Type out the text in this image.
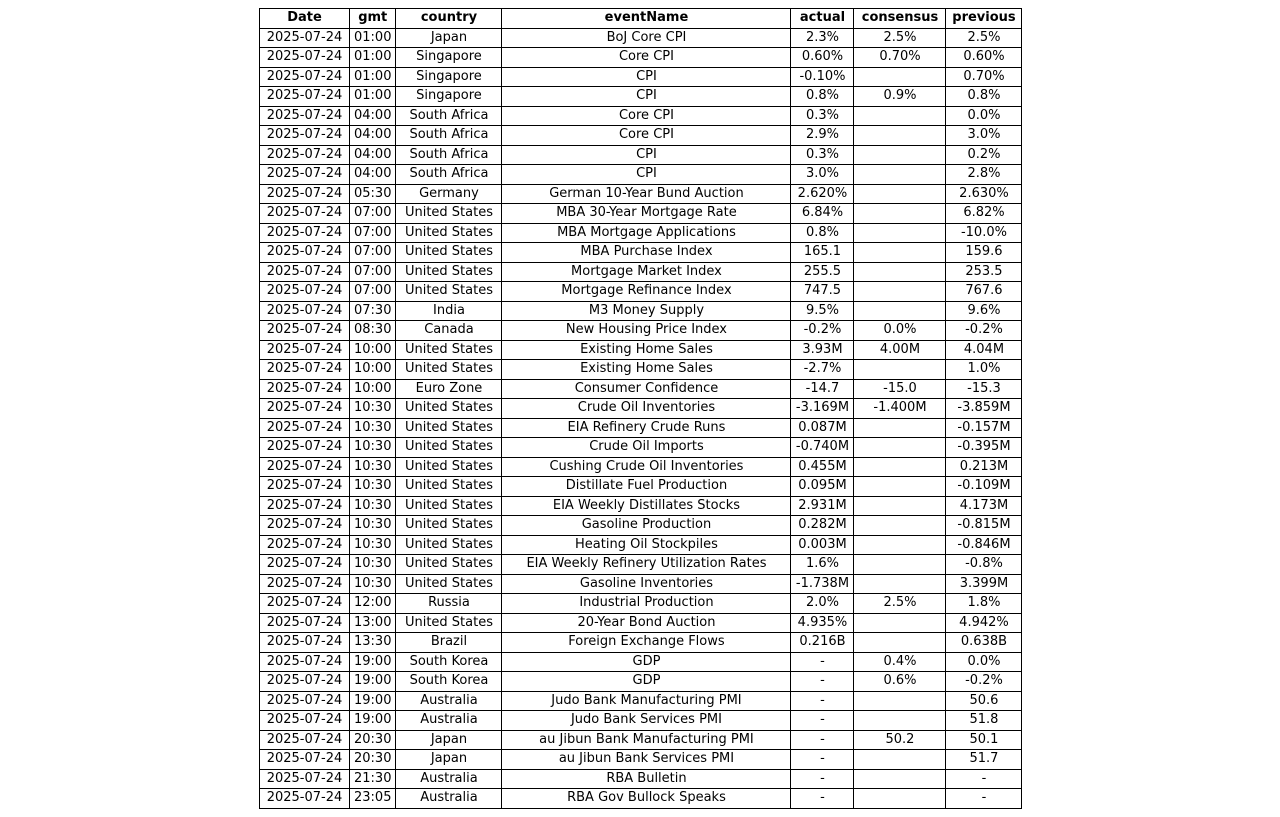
Date	gmt	country	eventName	actual	consensus	previous
2025-07-24	01:00	Japan	BoJ Core CPI	2.3%	2.5%	2.5%
2025-07-24	01:00	Singapore	Core CPI	0.60%	0.70%	0.60%
2025-07-24	01:00	Singapore	CPI	-0.10%		0.70%
2025-07-24	01:00	Singapore	CPI	0.8%	0.9%	0.8%
2025-07-24	04:00	South Africa	Core CPI	0.3%		0.0%
2025-07-24	04:00	South Africa	Core CPI	2.9%		3.0%
2025-07-24	04:00	South Africa	CPI	0.3%		0.2%
2025-07-24	04:00	South Africa	CPI	3.0%		2.8%
2025-07-24	05:30	Germany	German 10-Year Bund Auction	2.620%		2.630%
2025-07-24	07:00	United States	MBA 30-Year Mortgage Rate	6.84%		6.82%
2025-07-24	07:00	United States	MBA Mortgage Applications	0.8%		-10.0%
2025-07-24	07:00	United States	MBA Purchase Index	165.1		159.6
2025-07-24	07:00	United States	Mortgage Market Index	255.5		253.5
2025-07-24	07:00	United States	Mortgage Refinance Index	747.5		767.6
2025-07-24	07:30	India	M3 Money Supply	9.5%		9.6%
2025-07-24	08:30	Canada	New Housing Price Index	-0.2%	0.0%	-0.2%
2025-07-24	10:00	United States	Existing Home Sales	3.93M	4.00M	4.04M
2025-07-24	10:00	United States	Existing Home Sales	-2.7%		1.0%
2025-07-24	10:00	Euro Zone	Consumer Confidence	-14.7	-15.0	-15.3
2025-07-24	10:30	United States	Crude Oil Inventories	-3.169M	-1.400M	-3.859M
2025-07-24	10:30	United States	EIA Refinery Crude Runs	0.087M		-0.157M
2025-07-24	10:30	United States	Crude Oil Imports	-0.740M		-0.395M
2025-07-24	10:30	United States	Cushing Crude Oil Inventories	0.455M		0.213M
2025-07-24	10:30	United States	Distillate Fuel Production	0.095M		-0.109M
2025-07-24	10:30	United States	EIA Weekly Distillates Stocks	2.931M		4.173M
2025-07-24	10:30	United States	Gasoline Production	0.282M		-0.815M
2025-07-24	10:30	United States	Heating Oil Stockpiles	0.003M		-0.846M
2025-07-24	10:30	United States	EIA Weekly Refinery Utilization Rates	1.6%		-0.8%
2025-07-24	10:30	United States	Gasoline Inventories	-1.738M		3.399M
2025-07-24	12:00	Russia	Industrial Production	2.0%	2.5%	1.8%
2025-07-24	13:00	United States	20-Year Bond Auction	4.935%		4.942%
2025-07-24	13:30	Brazil	Foreign Exchange Flows	0.216B		0.638B
2025-07-24	19:00	South Korea	GDP	-	0.4%	0.0%
2025-07-24	19:00	South Korea	GDP	-	0.6%	-0.2%
2025-07-24	19:00	Australia	Judo Bank Manufacturing PMI	-		50.6
2025-07-24	19:00	Australia	Judo Bank Services PMI	-		51.8
2025-07-24	20:30	Japan	au Jibun Bank Manufacturing PMI	-	50.2	50.1
2025-07-24	20:30	Japan	au Jibun Bank Services PMI	-		51.7
2025-07-24	21:30	Australia	RBA Bulletin	-		-
2025-07-24	23:05	Australia	RBA Gov Bullock Speaks	-		-
